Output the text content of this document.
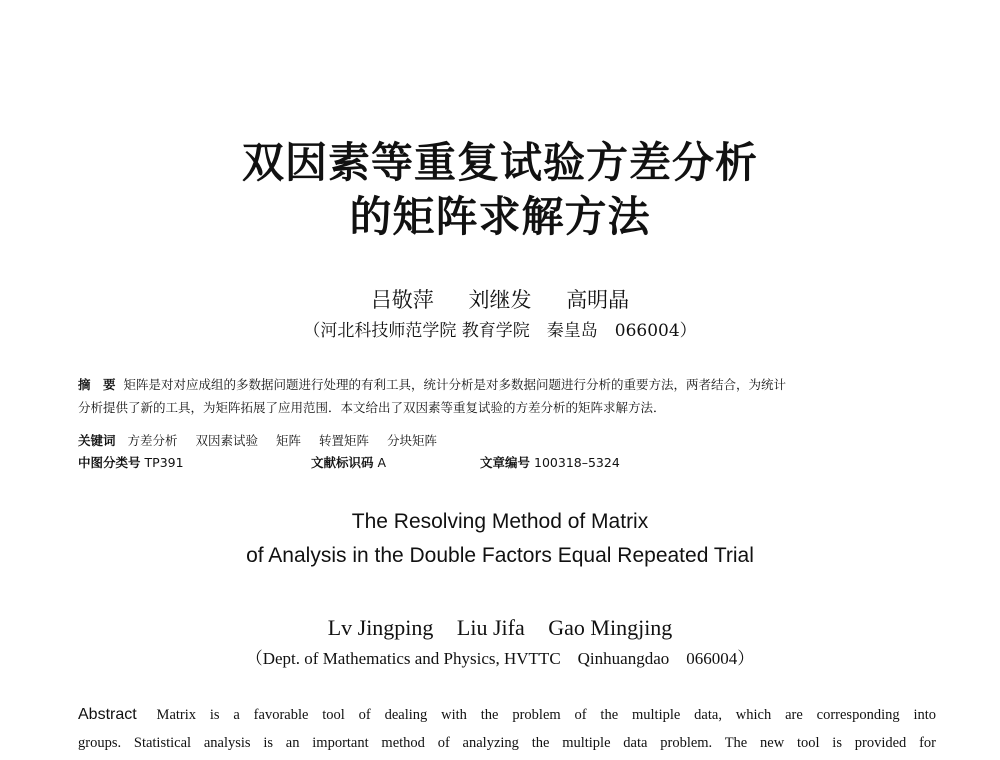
双因素等重复试验方差分析
的矩阵求解方法
吕敬萍 刘继发 高明晶
（河北科技师范学院 教育学院　秦皇岛　066004）
摘　要 矩阵是对对应成组的多数据问题进行处理的有利工具，统计分析是对多数据问题进行分析的重要方法，两者结合，为统计
分析提供了新的工具，为矩阵拓展了应用范围．本文给出了双因素等重复试验的方差分析的矩阵求解方法．
关键词 方差分析 双因素试验 矩阵 转置矩阵 分块矩阵
中图分类号 TP391	文献标识码 A	文章编号 100318–5324
The Resolving Method of Matrix
of Analysis in the Double Factors Equal Repeated Trial
Lv Jingping Liu Jifa Gao Mingjing
（Dept. of Mathematics and Physics, HVTTC　Qinhuangdao　066004）
Abstract Matrix is a favorable tool of dealing with the problem of the multiple data, which are corresponding into
groups. Statistical analysis is an important method of analyzing the multiple data problem. The new tool is provided for
